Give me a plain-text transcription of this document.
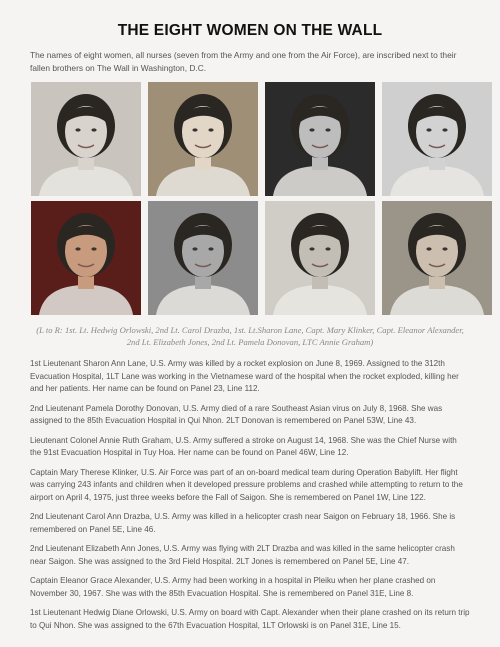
THE EIGHT WOMEN ON THE WALL

The names of eight women, all nurses (seven from the Army and one from the Air Force), are inscribed next to their fallen brothers on The Wall in Washington, D.C.

(L to R: 1st. Lt. Hedwig Orlowski, 2nd Lt. Carol Drazba, 1st. Lt.Sharon Lane, Capt. Mary Klinker, Capt. Eleanor Alexander, 2nd Lt. Elizabeth Jones, 2nd Lt. Pamela Donovan, LTC Annie Graham)

1st Lieutenant Sharon Ann Lane, U.S. Army was killed by a rocket explosion on June 8, 1969. Assigned to the 312th Evacuation Hospital, 1LT Lane was working in the Vietnamese ward of the hospital when the rocket exploded, killing her and her patients. Her name can be found on Panel 23, Line 112.

2nd Lieutenant Pamela Dorothy Donovan, U.S. Army died of a rare Southeast Asian virus on July 8, 1968. She was assigned to the 85th Evacuation Hospital in Qui Nhon. 2LT Donovan is remembered on Panel 53W, Line 43.

Lieutenant Colonel Annie Ruth Graham, U.S. Army suffered a stroke on August 14, 1968. She was the Chief Nurse with the 91st Evacuation Hospital in Tuy Hoa. Her name can be found on Panel 46W, Line 12.

Captain Mary Therese Klinker, U.S. Air Force was part of an on-board medical team during Operation Babylift. Her flight was carrying 243 infants and children when it developed pressure problems and crashed while attempting to return to the airport on April 4, 1975, just three weeks before the Fall of Saigon. She is remembered on Panel 1W, Line 122.

2nd Lieutenant Carol Ann Drazba, U.S. Army was killed in a helicopter crash near Saigon on February 18, 1966. She is remembered on Panel 5E, Line 46.

2nd Lieutenant Elizabeth Ann Jones, U.S. Army was flying with 2LT Drazba and was killed in the same helicopter crash near Saigon. She was assigned to the 3rd Field Hospital. 2LT Jones is remembered on Panel 5E, Line 47.

Captain Eleanor Grace Alexander, U.S. Army had been working in a hospital in Pleiku when her plane crashed on November 30, 1967. She was with the 85th Evacuation Hospital. She is remembered on Panel 31E, Line 8.

1st Lieutenant Hedwig Diane Orlowski, U.S. Army on board with Capt. Alexander when their plane crashed on its return trip to Qui Nhon. She was assigned to the 67th Evacuation Hospital, 1LT Orlowski is on Panel 31E, Line 15.
